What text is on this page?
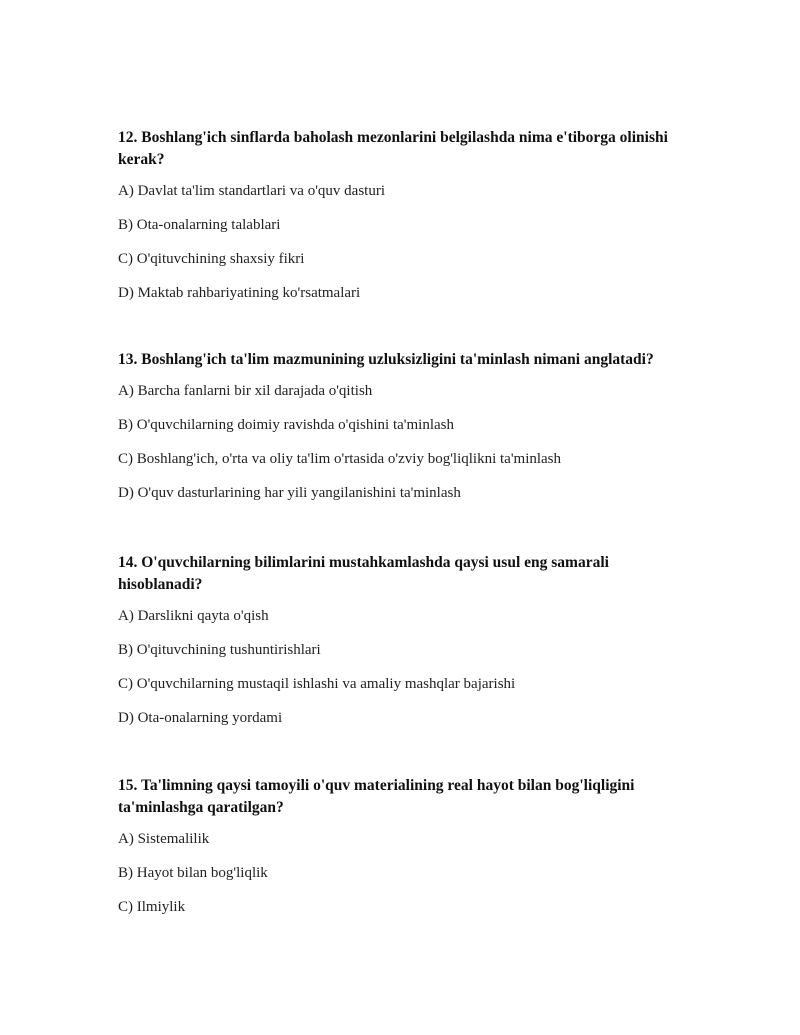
12. Boshlang'ich sinflarda baholash mezonlarini belgilashda nima e'tiborga olinishi kerak?

A) Davlat ta'lim standartlari va o'quv dasturi

B) Ota-onalarning talablari

C) O'qituvchining shaxsiy fikri

D) Maktab rahbariyatining ko'rsatmalari

13. Boshlang'ich ta'lim mazmunining uzluksizligini ta'minlash nimani anglatadi?

A) Barcha fanlarni bir xil darajada o'qitish

B) O'quvchilarning doimiy ravishda o'qishini ta'minlash

C) Boshlang'ich, o'rta va oliy ta'lim o'rtasida o'zviy bog'liqlikni ta'minlash

D) O'quv dasturlarining har yili yangilanishini ta'minlash

14. O'quvchilarning bilimlarini mustahkamlashda qaysi usul eng samarali hisoblanadi?

A) Darslikni qayta o'qish

B) O'qituvchining tushuntirishlari

C) O'quvchilarning mustaqil ishlashi va amaliy mashqlar bajarishi

D) Ota-onalarning yordami

15. Ta'limning qaysi tamoyili o'quv materialining real hayot bilan bog'liqligini ta'minlashga qaratilgan?

A) Sistemalilik

B) Hayot bilan bog'liqlik

C) Ilmiylik
